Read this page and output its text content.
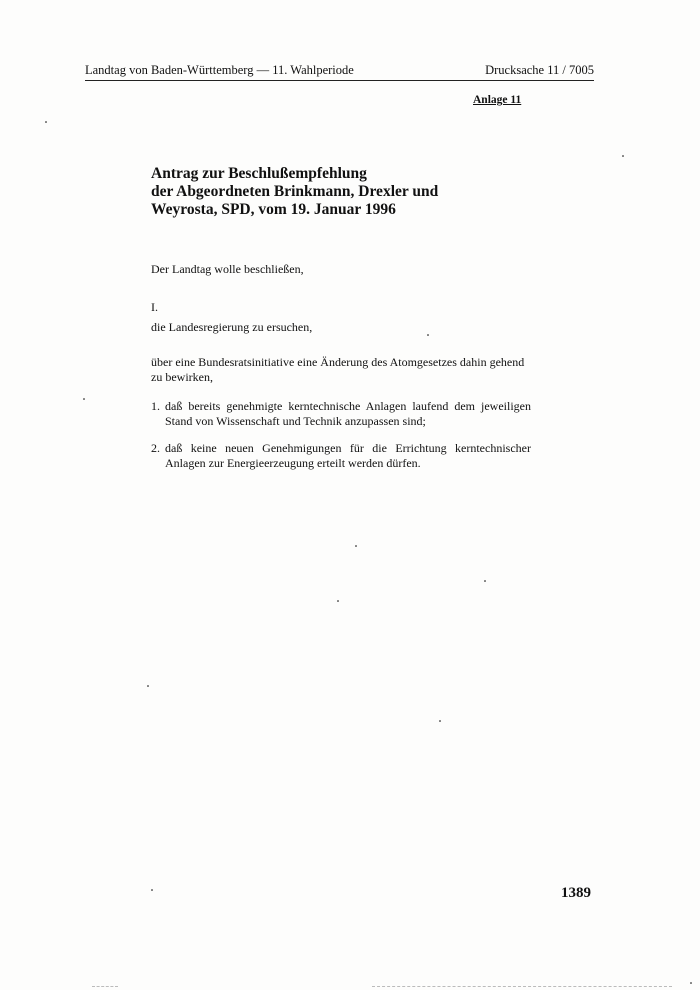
Landtag von Baden-Württemberg — 11. Wahlperiode	Drucksache 11 / 7005
Anlage 11
Antrag zur Beschlußempfehlung
der Abgeordneten Brinkmann, Drexler und
Weyrosta, SPD, vom 19. Januar 1996

Der Landtag wolle beschließen,

I.

die Landesregierung zu ersuchen,

über eine Bundesratsinitiative eine Änderung des Atomgesetzes dahin gehend zu bewirken,

1. daß bereits genehmigte kerntechnische Anlagen laufend dem jeweiligen Stand von Wissenschaft und Technik anzupassen sind;
2. daß keine neuen Genehmigungen für die Errichtung kerntechnischer Anlagen zur Energieerzeugung erteilt werden dürfen.
1389
